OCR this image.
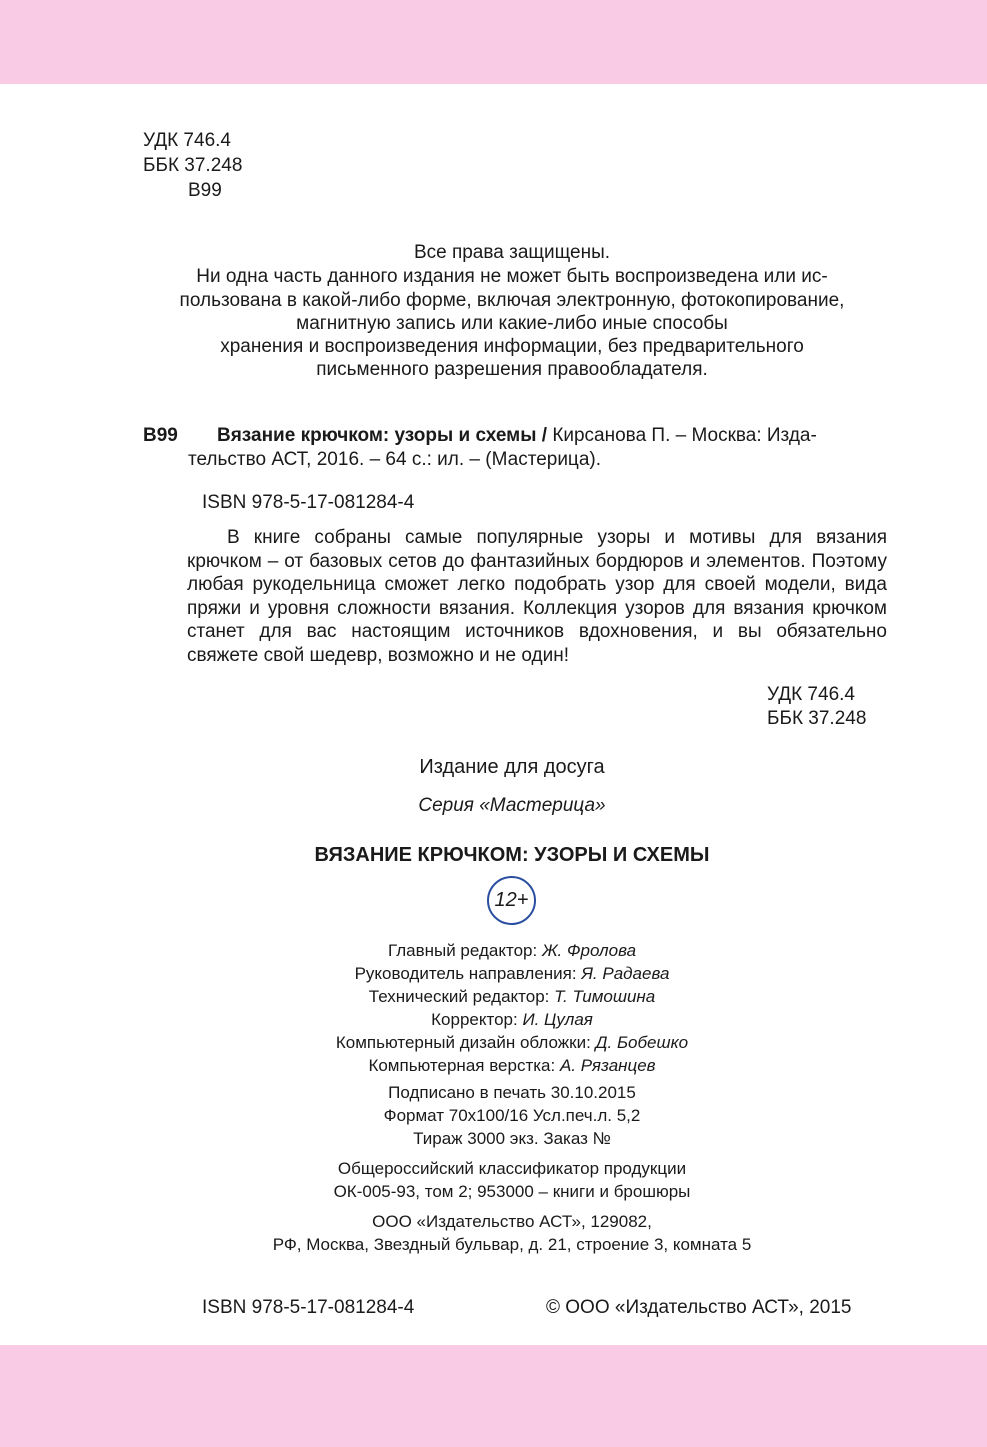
УДК 746.4
ББК 37.248
В99
Все права защищены.
Ни одна часть данного издания не может быть воспроизведена или ис-
пользована в какой-либо форме, включая электронную, фотокопирование,
магнитную запись или какие-либо иные способы
хранения и воспроизведения информации, без предварительного
письменного разрешения правообладателя.
В99 Вязание крючком: узоры и схемы / Кирсанова П. – Москва: Изда-
тельство АСТ, 2016. – 64 с.: ил. – (Мастерица).
ISBN 978-5-17-081284-4
В книге собраны самые популярные узоры и мотивы для вязания крючком – от базовых сетов до фантазийных бордюров и элементов. Поэтому любая рукодельница сможет легко подобрать узор для своей модели, вида пряжи и уровня сложности вязания. Коллекция узоров для вязания крючком станет для вас настоящим источников вдохновения, и вы обязательно свяжете свой шедевр, возможно и не один!
УДК 746.4
ББК 37.248
Издание для досуга
Серия «Мастерица»
ВЯЗАНИЕ КРЮЧКОМ: УЗОРЫ И СХЕМЫ
12+
Главный редактор: Ж. Фролова
Руководитель направления: Я. Радаева
Технический редактор: Т. Тимошина
Корректор: И. Цулая
Компьютерный дизайн обложки: Д. Бобешко
Компьютерная верстка: А. Рязанцев
Подписано в печать 30.10.2015
Формат 70x100/16 Усл.печ.л. 5,2
Тираж 3000 экз. Заказ №
Общероссийский классификатор продукции
ОК-005-93, том 2; 953000 – книги и брошюры
ООО «Издательство АСТ», 129082,
РФ, Москва, Звездный бульвар, д. 21, строение 3, комната 5
ISBN 978-5-17-081284-4	© ООО «Издательство АСТ», 2015
